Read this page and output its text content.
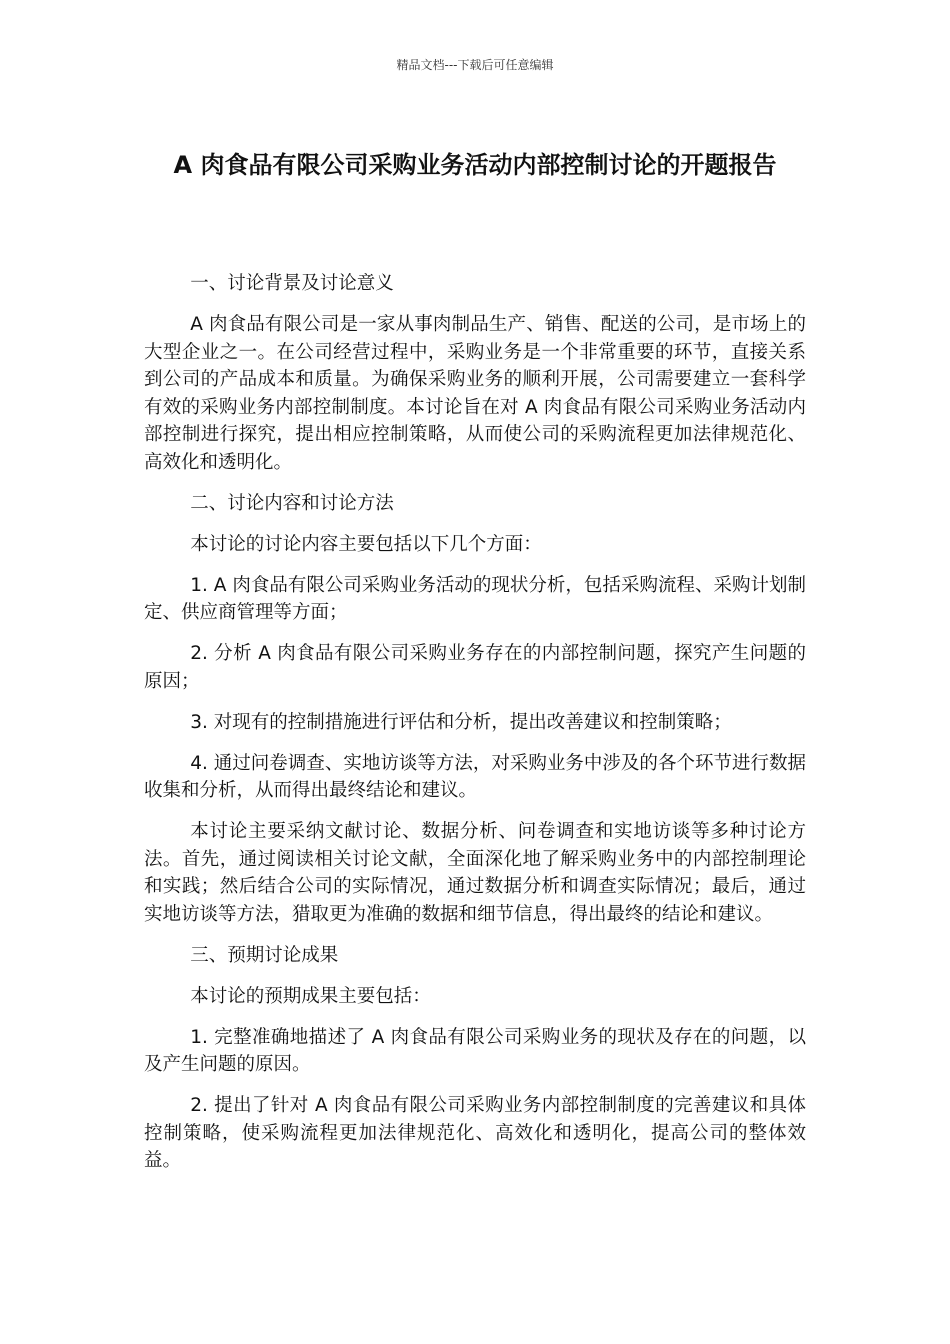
精品文档---下载后可任意编辑
A 肉食品有限公司采购业务活动内部控制讨论的开题报告

一、讨论背景及讨论意义

A 肉食品有限公司是一家从事肉制品生产、销售、配送的公司，是市场上的大型企业之一。在公司经营过程中，采购业务是一个非常重要的环节，直接关系到公司的产品成本和质量。为确保采购业务的顺利开展，公司需要建立一套科学有效的采购业务内部控制制度。本讨论旨在对 A 肉食品有限公司采购业务活动内部控制进行探究，提出相应控制策略，从而使公司的采购流程更加法律规范化、高效化和透明化。

二、讨论内容和讨论方法

本讨论的讨论内容主要包括以下几个方面：

1. A 肉食品有限公司采购业务活动的现状分析，包括采购流程、采购计划制定、供应商管理等方面；

2. 分析 A 肉食品有限公司采购业务存在的内部控制问题，探究产生问题的原因；

3. 对现有的控制措施进行评估和分析，提出改善建议和控制策略；

4. 通过问卷调查、实地访谈等方法，对采购业务中涉及的各个环节进行数据收集和分析，从而得出最终结论和建议。

本讨论主要采纳文献讨论、数据分析、问卷调查和实地访谈等多种讨论方法。首先，通过阅读相关讨论文献，全面深化地了解采购业务中的内部控制理论和实践；然后结合公司的实际情况，通过数据分析和调查实际情况；最后，通过实地访谈等方法，猎取更为准确的数据和细节信息，得出最终的结论和建议。

三、预期讨论成果

本讨论的预期成果主要包括：

1. 完整准确地描述了 A 肉食品有限公司采购业务的现状及存在的问题，以及产生问题的原因。

2. 提出了针对 A 肉食品有限公司采购业务内部控制制度的完善建议和具体控制策略，使采购流程更加法律规范化、高效化和透明化，提高公司的整体效益。
